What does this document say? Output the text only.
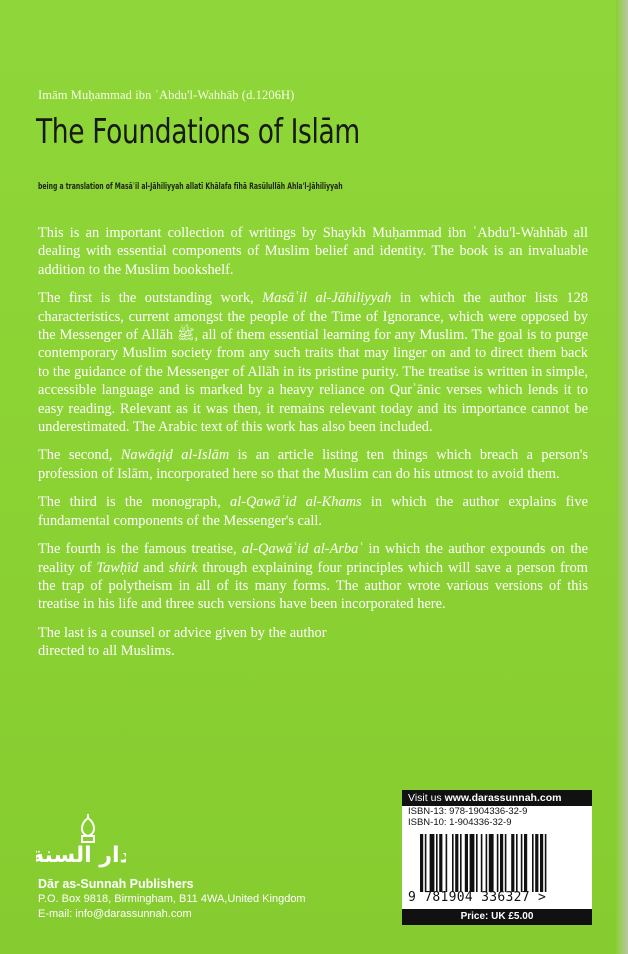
Imām Muḥammad ibn ʿAbdu'l-Wahhāb (d.1206H)
The Foundations of Islām
being a translation of Masāʾil al-Jāhiliyyah allatī Khālafa fīhā Rasūlullāh Ahla'l-Jāhiliyyah

This is an important collection of writings by Shaykh Muḥammad ibn ʿAbdu'l-Wahhāb all dealing with essential components of Muslim belief and identity. The book is an invaluable addition to the Muslim bookshelf.

The first is the outstanding work, Masāʾil al-Jāhiliyyah in which the author lists 128 characteristics, current amongst the people of the Time of Ignorance, which were opposed by the Messenger of Allāh ﷺ, all of them essential learning for any Muslim. The goal is to purge contemporary Muslim society from any such traits that may linger on and to direct them back to the guidance of the Messenger of Allāh in its pristine purity. The treatise is written in simple, accessible language and is marked by a heavy reliance on Qurʾānic verses which lends it to easy reading. Relevant as it was then, it remains relevant today and its importance cannot be underestimated. The Arabic text of this work has also been included.

The second, Nawāqiḍ al-Islām is an article listing ten things which breach a person's profession of Islām, incorporated here so that the Muslim can do his utmost to avoid them.

The third is the monograph, al-Qawāʿid al-Khams in which the author explains five fundamental components of the Messenger's call.

The fourth is the famous treatise, al-Qawāʿid al-Arbaʿ in which the author expounds on the reality of Tawḥīd and shirk through explaining four principles which will save a person from the trap of polytheism in all of its many forms. The author wrote various versions of this treatise in his life and three such versions have been incorporated here.

The last is a counsel or advice given by the author directed to all Muslims.

Visit us www.darassunnah.com
ISBN-13: 978-1904336-32-9
ISBN-10: 1-904336-32-9
9 781904 336327 >
Price: UK £5.00
دار السنة
Dār as-Sunnah Publishers
P.O. Box 9818, Birmingham, B11 4WA,United Kingdom
E-mail: info@darassunnah.com
